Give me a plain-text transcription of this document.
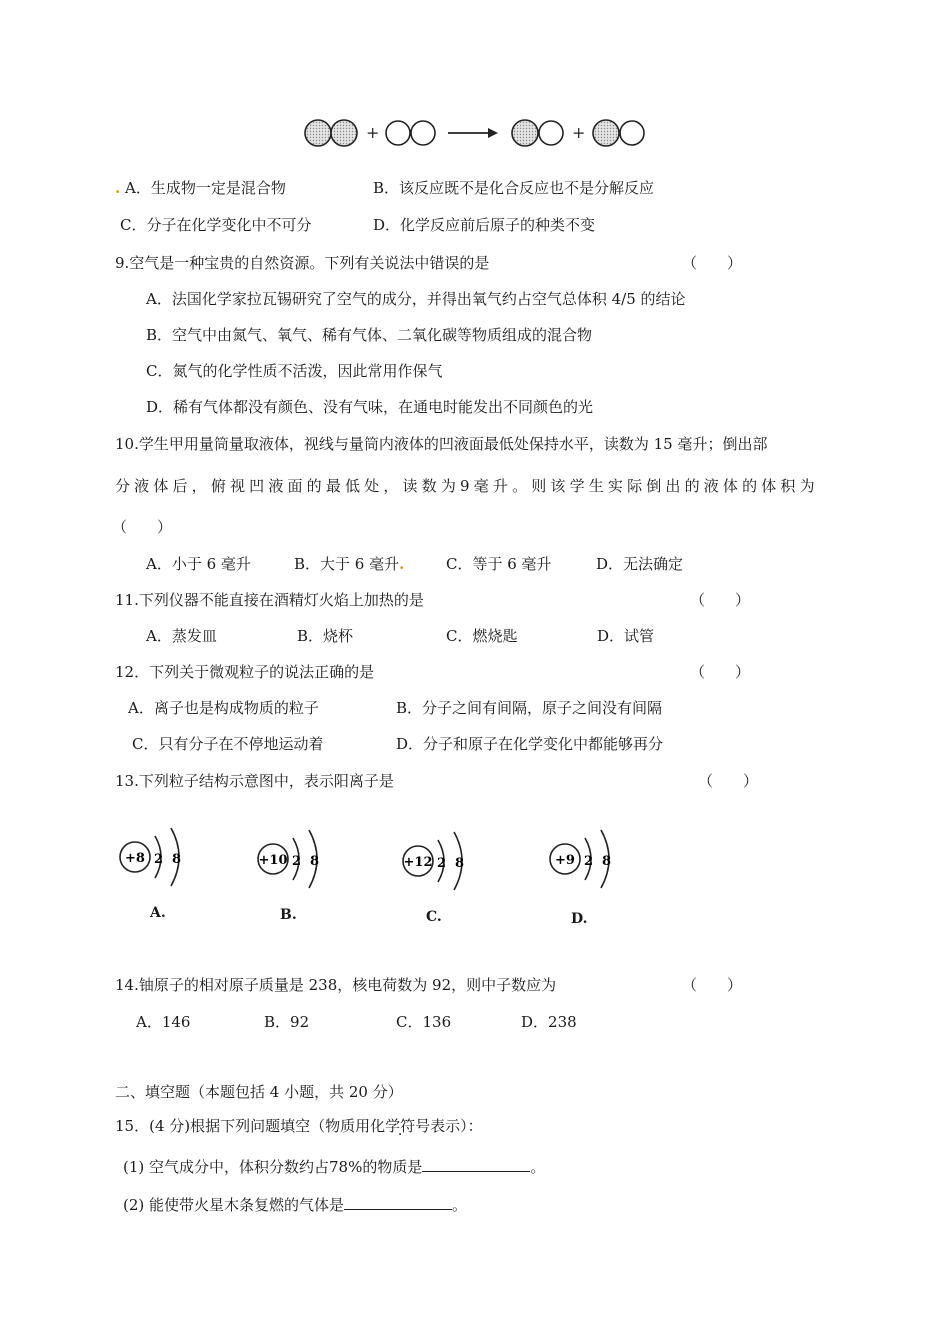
+	+
. A．生成物一定是混合物	B．该反应既不是化合反应也不是分解反应
C．分子在化学变化中不可分	D．化学反应前后原子的种类不变
9.空气是一种宝贵的自然资源。下列有关说法中错误的是	（　　）
A．法国化学家拉瓦锡研究了空气的成分，并得出氧气约占空气总体积 4/5 的结论
B．空气中由氮气、氧气、稀有气体、二氧化碳等物质组成的混合物
C．氮气的化学性质不活泼，因此常用作保气
D．稀有气体都没有颜色、没有气味，在通电时能发出不同颜色的光
10.学生甲用量筒量取液体，视线与量筒内液体的凹液面最低处保持水平，读数为 15 毫升；倒出部
分 液 体 后 ， 俯 视 凹 液 面 的 最 低 处 ， 读 数 为 9 毫 升 。 则 该 学 生 实 际 倒 出 的 液 体 的 体 积 为
（　　）
A．小于 6 毫升	B．大于 6 毫升.	C．等于 6 毫升	D．无法确定
11.下列仪器不能直接在酒精灯火焰上加热的是	（　　）
A．蒸发皿	B．烧杯	C．燃烧匙	D．试管
12．下列关于微观粒子的说法正确的是	（　　）
A．离子也是构成物质的粒子	B．分子之间有间隔，原子之间没有间隔
C．只有分子在不停地运动着	D．分子和原子在化学变化中都能够再分
13.下列粒子结构示意图中，表示阳离子是	（　　）
+8 2 8
A.
+10 2 8
B.
+12 2 8
C.
+9 2 8
D.
14.铀原子的相对原子质量是 238，核电荷数为 92，则中子数应为	（　　）
A．146	B．92	C．136	D．238
二、填空题（本题包括 4 小题，共 20 分）
15．(4 分)根据下列问题填空（物质用化学符号表示）：
(1) 空气成分中，体积分数约占78%的物质是	。
(2) 能使带火星木条复燃的气体是	。
